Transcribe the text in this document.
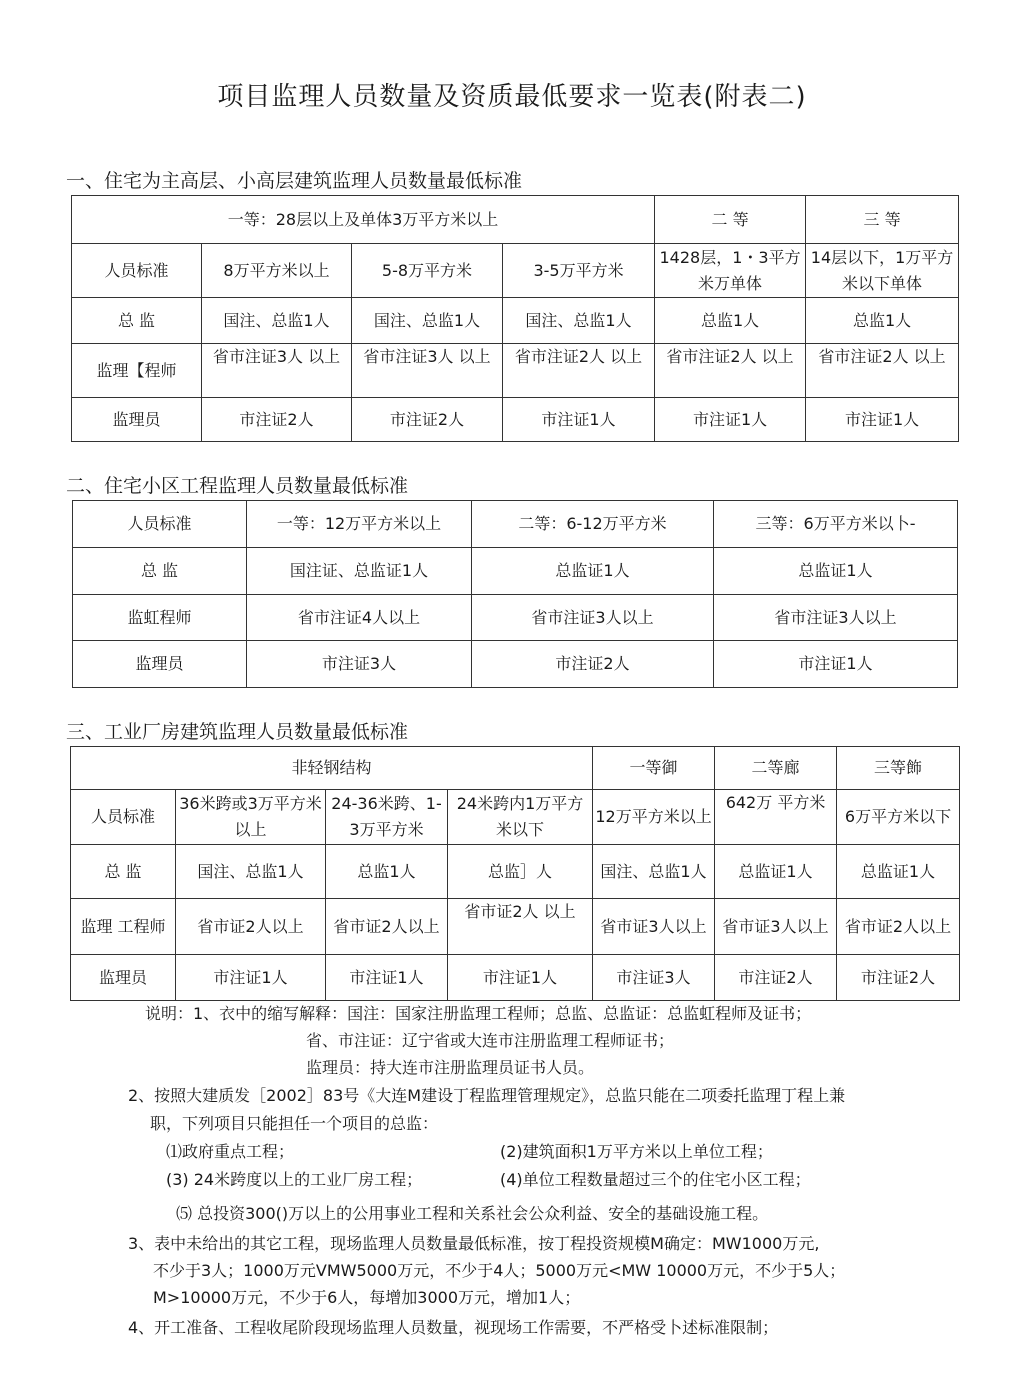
项目监理人员数量及资质最低要求一览表(附表二)
一、住宅为主高层、小高层建筑监理人员数量最低标准
一等：28层以上及单体3万平方米以上				二 等	三 等
人员标准	8万平方米以上	5-8万平方米	3-5万平方米	1428层，1・3平方米万单体	14层以下，1万平方米以下单体
总 监	国注、总监1人	国注、总监1人	国注、总监1人	总监1人	总监1人
监理【程师	省市注证3人 以上	省市注证3人 以上	省市注证2人 以上	省市注证2人 以上	省市注证2人 以上
监理员	市注证2人	市注证2人	市注证1人	市注证1人	市注证1人
二、住宅小区工程监理人员数量最低标准
人员标准	一等：12万平方米以上	二等：6-12万平方米	三等：6万平方米以卜-
总 监	国注证、总监证1人	总监证1人	总监证1人
监虹程师	省市注证4人以上	省市注证3人以上	省市注证3人以上
监理员	市注证3人	市注证2人	市注证1人
三、工业厂房建筑监理人员数量最低标准
非轻钢结构				一等御	二等廊	三等飾
人员标准	36米跨或3万平方米以上	24-36米跨、1-3万平方米	24米跨内1万平方米以下	12万平方米以上	642万 平方米	6万平方米以下
总 监	国注、总监1人	总监1人	总监］人	国注、总监1人	总监证1人	总监证1人
监理 工程师	省市证2人以上	省市证2人以上	省市证2人 以上	省市证3人以上	省市证3人以上	省市证2人以上
监理员	市注证1人	市注证1人	市注证1人	市注证3人	市注证2人	市注证2人
说明：1、衣中的缩写解释：国注：国家注册监理工程师；总监、总监证：总监虹程师及证书；
省、市注证：辽宁省或大连市注册监理工程师证书；
监理员：持大连市注册监理员证书人员。
2、按照大建质发［2002］83号《大连M建设丁程监理管理规定》，总监只能在二项委托监理丁程上兼
职，下列项目只能担任一个项目的总监：
⑴政府重点工程；	(2)建筑面积1万平方米以上单位工程；
(3) 24米跨度以上的工业厂房工程；	(4)单位工程数量超过三个的住宅小区工程；
⑸ 总投资300()万以上的公用事业工程和关系社会公众利益、安全的基础设施工程。
3、表中未给出的其它工程，现场监理人员数量最低标准，按丁程投资规模M确定：MW1000万元,
不少于3人；1000万元VMW5000万元，不少于4人；5000万元<MW 10000万元，不少于5人；
M>10000万元，不少于6人，每增加3000万元，增加1人；
4、开工准备、工程收尾阶段现场监理人员数量，视现场工作需要，不严格受卜述标准限制；
